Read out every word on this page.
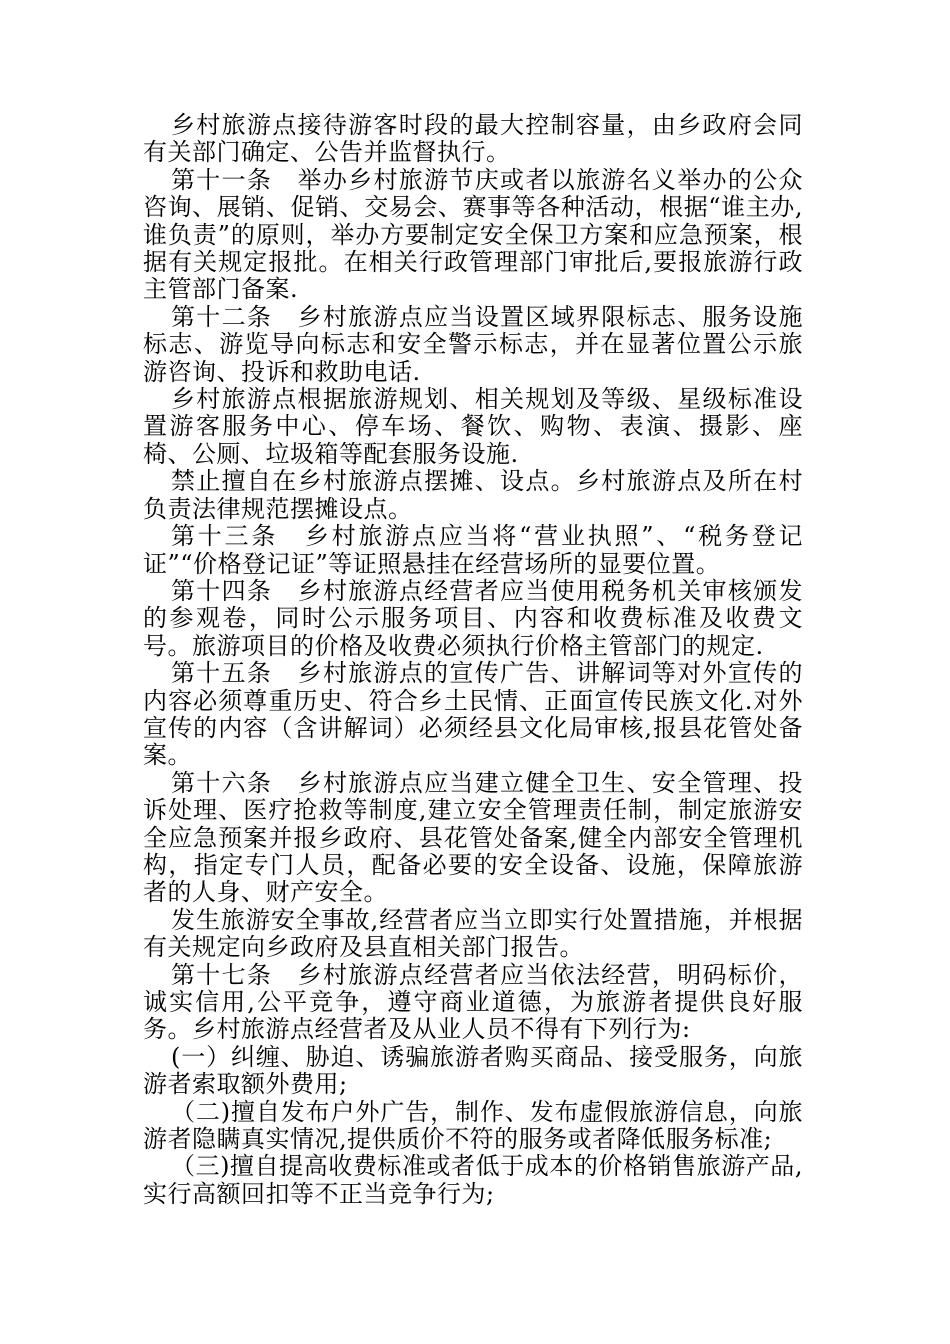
乡村旅游点接待游客时段的最大控制容量，由乡政府会同有关部门确定、公告并监督执行。

第十一条　举办乡村旅游节庆或者以旅游名义举办的公众咨询、展销、促销、交易会、赛事等各种活动，根据“谁主办,谁负责”的原则，举办方要制定安全保卫方案和应急预案，根据有关规定报批。在相关行政管理部门审批后,要报旅游行政主管部门备案.

第十二条　乡村旅游点应当设置区域界限标志、服务设施标志、游览导向标志和安全警示标志，并在显著位置公示旅游咨询、投诉和救助电话.

乡村旅游点根据旅游规划、相关规划及等级、星级标准设置游客服务中心、停车场、餐饮、购物、表演、摄影、座椅、公厕、垃圾箱等配套服务设施.

禁止擅自在乡村旅游点摆摊、设点。乡村旅游点及所在村负责法律规范摆摊设点。

第十三条　乡村旅游点应当将“营业执照”、“税务登记证”“价格登记证”等证照悬挂在经营场所的显要位置。

第十四条　乡村旅游点经营者应当使用税务机关审核颁发的参观卷，同时公示服务项目、内容和收费标准及收费文号。旅游项目的价格及收费必须执行价格主管部门的规定.

第十五条　乡村旅游点的宣传广告、讲解词等对外宣传的内容必须尊重历史、符合乡土民情、正面宣传民族文化.对外宣传的内容（含讲解词）必须经县文化局审核,报县花管处备案。

第十六条　乡村旅游点应当建立健全卫生、安全管理、投诉处理、医疗抢救等制度,建立安全管理责任制，制定旅游安全应急预案并报乡政府、县花管处备案,健全内部安全管理机构，指定专门人员，配备必要的安全设备、设施，保障旅游者的人身、财产安全。

发生旅游安全事故,经营者应当立即实行处置措施，并根据有关规定向乡政府及县直相关部门报告。

第十七条　乡村旅游点经营者应当依法经营，明码标价，诚实信用,公平竞争，遵守商业道德，为旅游者提供良好服务。乡村旅游点经营者及从业人员不得有下列行为:

(一）纠缠、胁迫、诱骗旅游者购买商品、接受服务，向旅游者索取额外费用;

（二)擅自发布户外广告，制作、发布虚假旅游信息，向旅游者隐瞒真实情况,提供质价不符的服务或者降低服务标准;

（三)擅自提高收费标准或者低于成本的价格销售旅游产品,实行高额回扣等不正当竞争行为;
